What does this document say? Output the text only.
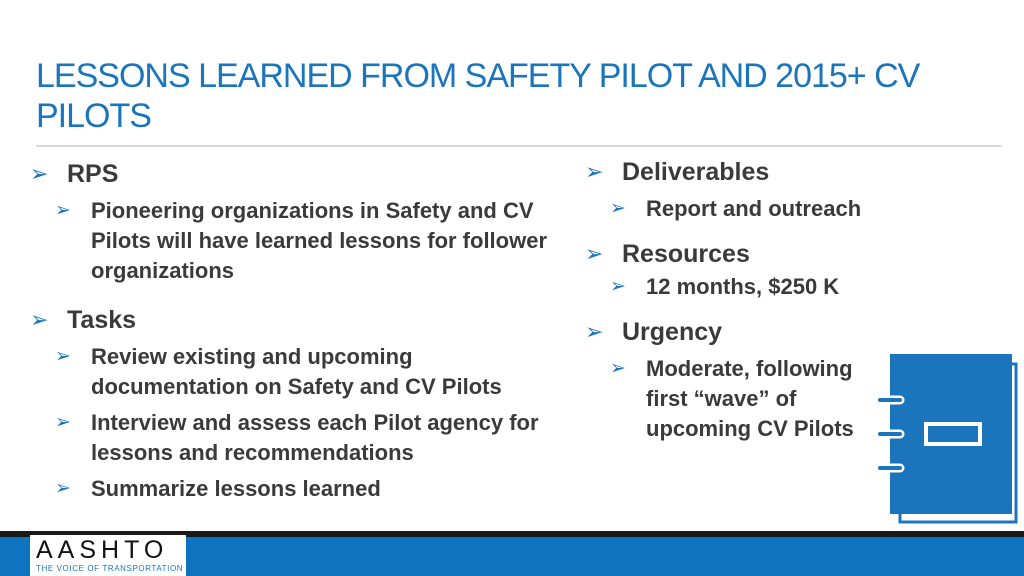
LESSONS LEARNED FROM SAFETY PILOT AND 2015+ CV PILOTS
➢ RPS
➢ Pioneering organizations in Safety and CV Pilots will have learned lessons for follower organizations
➢ Tasks
➢ Review existing and upcoming documentation on Safety and CV Pilots
➢ Interview and assess each Pilot agency for lessons and recommendations
➢ Summarize lessons learned
➢ Deliverables
➢ Report and outreach
➢ Resources
➢ 12 months, $250 K
➢ Urgency
➢ Moderate, following first “wave” of upcoming CV Pilots
AASHTO
THE VOICE OF TRANSPORTATION
